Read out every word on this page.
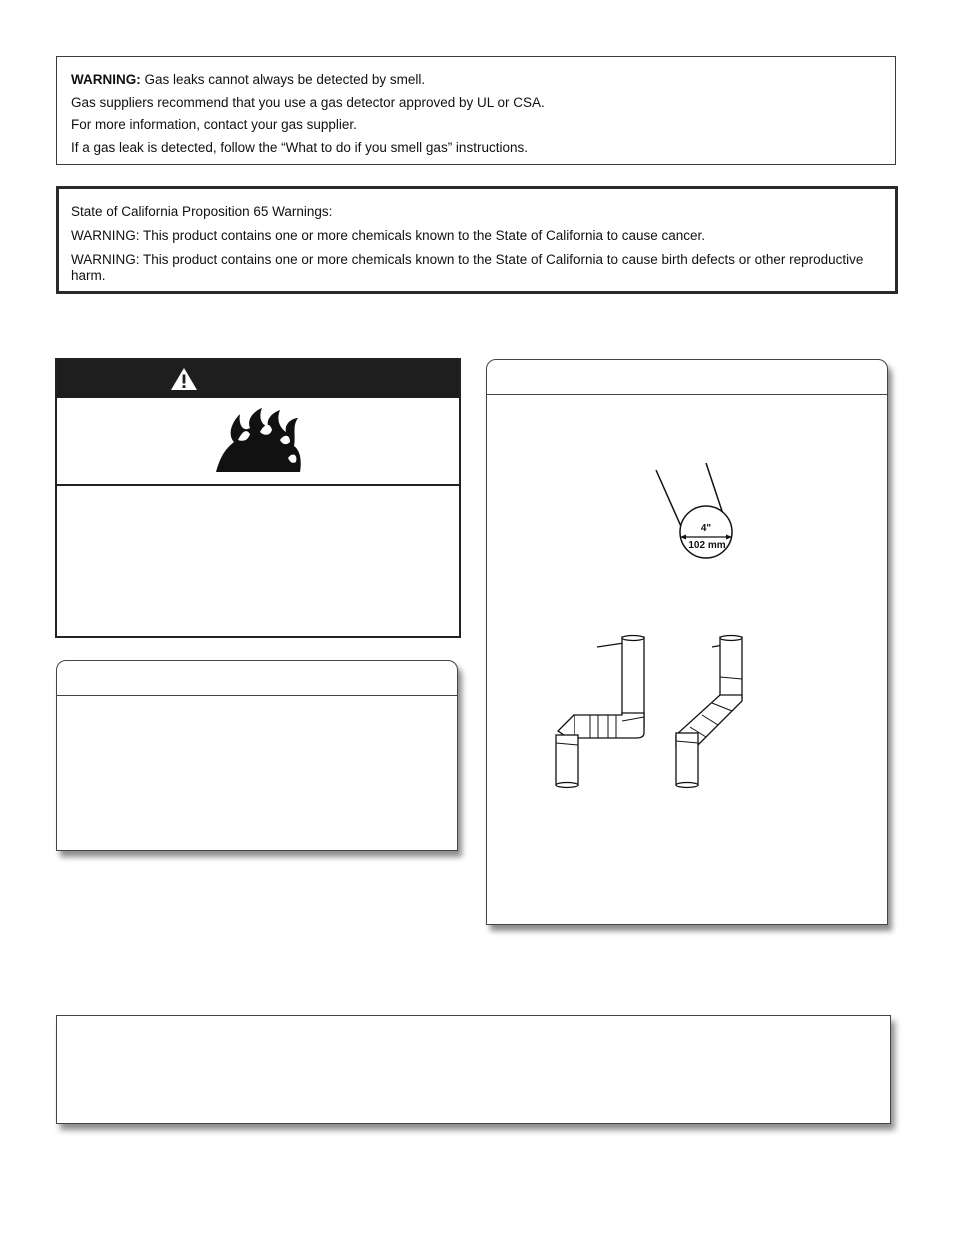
WARNING: Gas leaks cannot always be detected by smell.

Gas suppliers recommend that you use a gas detector approved by UL or CSA.

For more information, contact your gas supplier.

If a gas leak is detected, follow the “What to do if you smell gas” instructions.

State of California Proposition 65 Warnings:

WARNING: This product contains one or more chemicals known to the State of California to cause cancer.

WARNING: This product contains one or more chemicals known to the State of California to cause birth defects or other reproductive harm.

4"
102 mm
